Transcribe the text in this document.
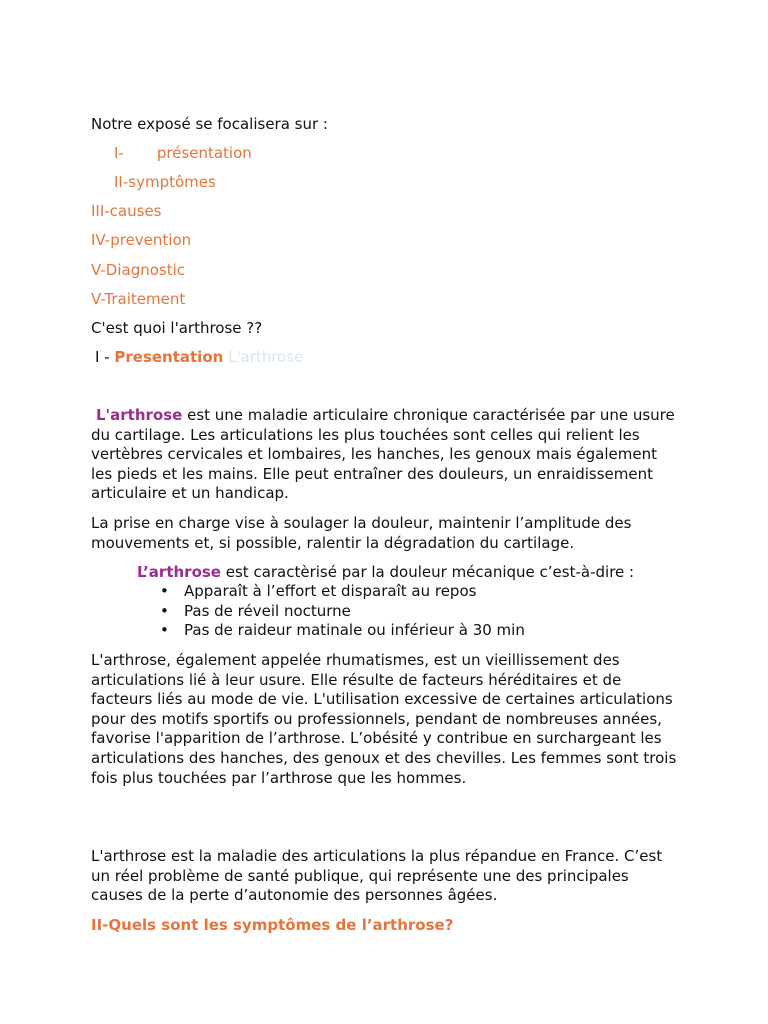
Notre exposé se focalisera sur :
I- présentation
II-symptômes
III-causes
IV-prevention
V-Diagnostic
V-Traitement
C'est quoi l'arthrose ??
I - Presentation L'arthrose
L'arthrose est une maladie articulaire chronique caractérisée par une usure du cartilage. Les articulations les plus touchées sont celles qui relient les vertèbres cervicales et lombaires, les hanches, les genoux mais également les pieds et les mains. Elle peut entraîner des douleurs, un enraidissement articulaire et un handicap.
La prise en charge vise à soulager la douleur, maintenir l’amplitude des mouvements et, si possible, ralentir la dégradation du cartilage.
L’arthrose est caractèrisé par la douleur mécanique c’est-à-dire :
• Apparaît à l’effort et disparaît au repos
• Pas de réveil nocturne
• Pas de raideur matinale ou inférieur à 30 min
L'arthrose, également appelée rhumatismes, est un vieillissement des articulations lié à leur usure. Elle résulte de facteurs héréditaires et de facteurs liés au mode de vie. L'utilisation excessive de certaines articulations pour des motifs sportifs ou professionnels, pendant de nombreuses années, favorise l'apparition de l’arthrose. L’obésité y contribue en surchargeant les articulations des hanches, des genoux et des chevilles. Les femmes sont trois fois plus touchées par l’arthrose que les hommes.
L'arthrose est la maladie des articulations la plus répandue en France. C’est un réel problème de santé publique, qui représente une des principales causes de la perte d’autonomie des personnes âgées.
II-Quels sont les symptômes de l’arthrose?
